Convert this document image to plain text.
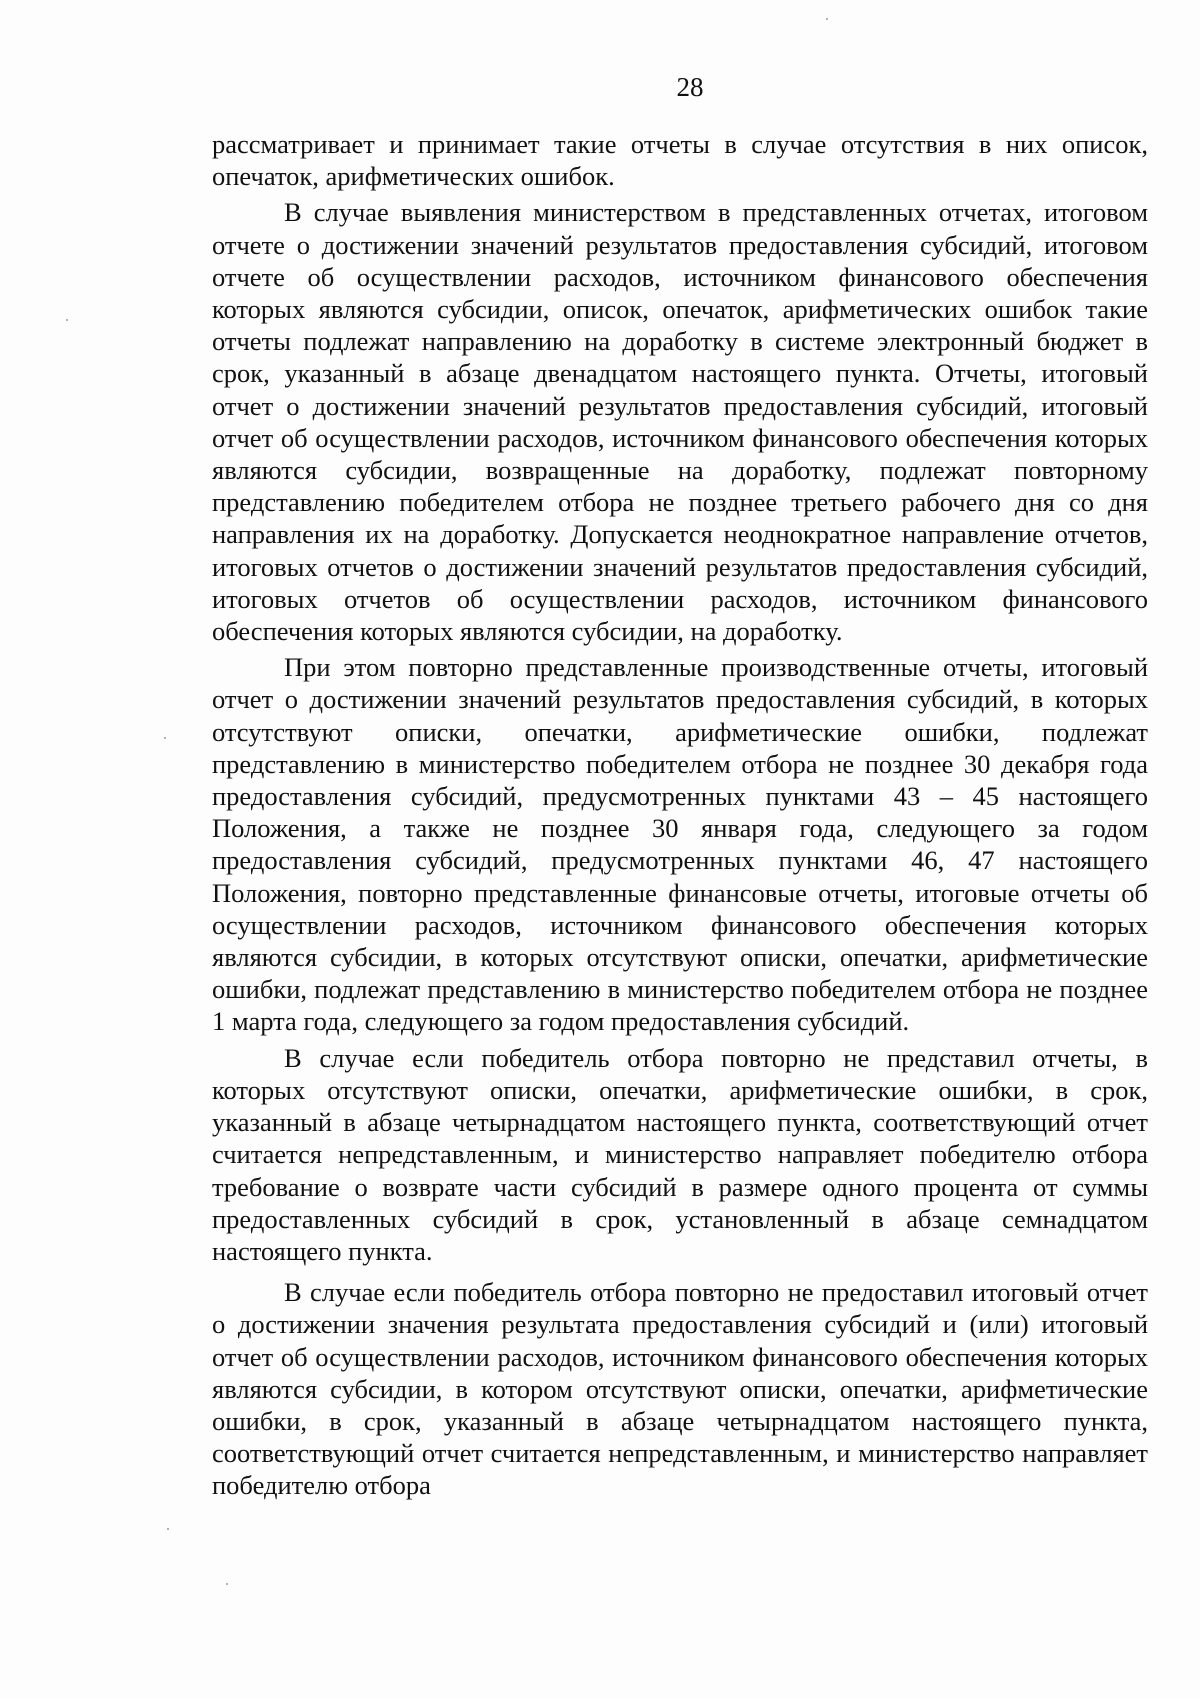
28

рассматривает и принимает такие отчеты в случае отсутствия в них описок, опечаток, арифметических ошибок.

В случае выявления министерством в представленных отчетах, итоговом отчете о достижении значений результатов предоставления субсидий, итоговом отчете об осуществлении расходов, источником финансового обеспечения которых являются субсидии, описок, опечаток, арифметических ошибок такие отчеты подлежат направлению на доработку в системе электронный бюджет в срок, указанный в абзаце двенадцатом настоящего пункта. Отчеты, итоговый отчет о достижении значений результатов предоставления субсидий, итоговый отчет об осуществлении расходов, источником финансового обеспечения которых являются субсидии, возвращенные на доработку, подлежат повторному представлению победителем отбора не позднее третьего рабочего дня со дня направления их на доработку. Допускается неоднократное направление отчетов, итоговых отчетов о достижении значений результатов предоставления субсидий, итоговых отчетов об осуществлении расходов, источником финансового обеспечения которых являются субсидии, на доработку.

При этом повторно представленные производственные отчеты, итоговый отчет о достижении значений результатов предоставления субсидий, в которых отсутствуют описки, опечатки, арифметические ошибки, подлежат представлению в министерство победителем отбора не позднее 30 декабря года предоставления субсидий, предусмотренных пунктами 43 – 45 настоящего Положения, а также не позднее 30 января года, следующего за годом предоставления субсидий, предусмотренных пунктами 46, 47 настоящего Положения, повторно представленные финансовые отчеты, итоговые отчеты об осуществлении расходов, источником финансового обеспечения которых являются субсидии, в которых отсутствуют описки, опечатки, арифметические ошибки, подлежат представлению в министерство победителем отбора не позднее 1 марта года, следующего за годом предоставления субсидий.

В случае если победитель отбора повторно не представил отчеты, в которых отсутствуют описки, опечатки, арифметические ошибки, в срок, указанный в абзаце четырнадцатом настоящего пункта, соответствующий отчет считается непредставленным, и министерство направляет победителю отбора требование о возврате части субсидий в размере одного процента от суммы предоставленных субсидий в срок, установленный в абзаце семнадцатом настоящего пункта.

В случае если победитель отбора повторно не предоставил итоговый отчет о достижении значения результата предоставления субсидий и (или) итоговый отчет об осуществлении расходов, источником финансового обеспечения которых являются субсидии, в котором отсутствуют описки, опечатки, арифметические ошибки, в срок, указанный в абзаце четырнадцатом настоящего пункта, соответствующий отчет считается непредставленным, и министерство направляет победителю отбора
